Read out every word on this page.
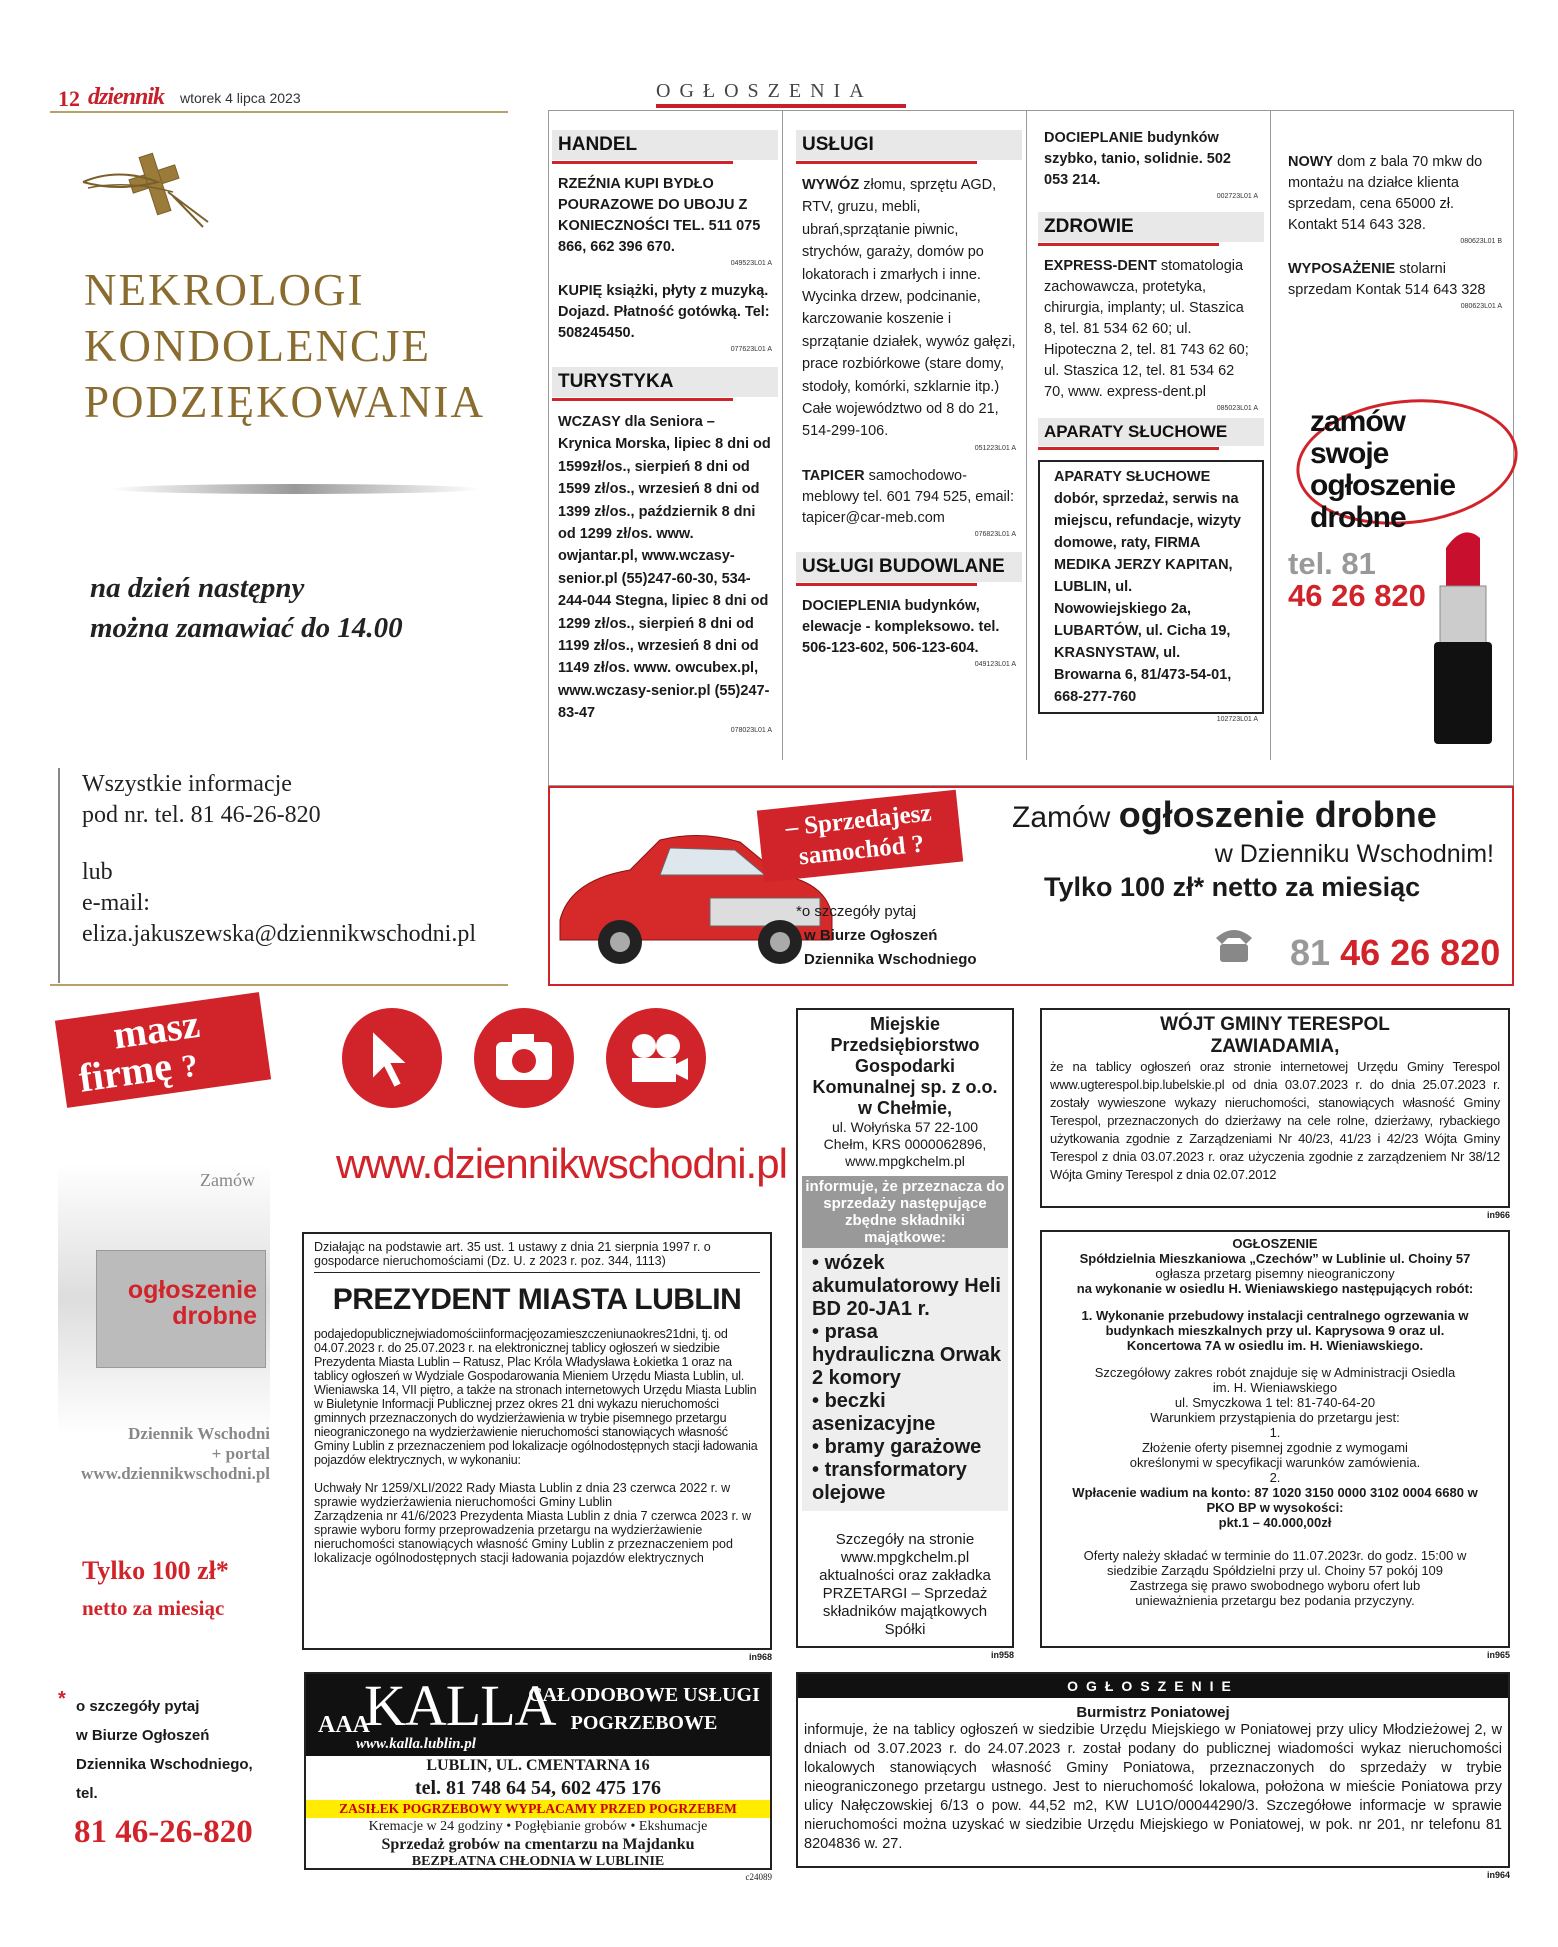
12 dziennik wtorek 4 lipca 2023	OGŁOSZENIA
NEKROLOGI
KONDOLENCJE
PODZIĘKOWANIA
na dzień następny
można zamawiać do 14.00
Wszystkie informacje
pod nr. tel. 81 46-26-820
lub
e-mail:
eliza.jakuszewska@dziennikwschodni.pl
HANDEL
RZEŹNIA KUPI BYDŁO POURAZOWE DO UBOJU Z KONIECZNOŚCI TEL. 511 075 866, 662 396 670.
049523L01 A
KUPIĘ książki, płyty z muzyką. Dojazd. Płatność gotówką. Tel: 508245450.
077623L01 A
TURYSTYKA
WCZASY dla Seniora – Krynica Morska, lipiec 8 dni od 1599zł/os., sierpień 8 dni od 1599 zł/os., wrzesień 8 dni od 1399 zł/os., październik 8 dni od 1299 zł/os. www. owjantar.pl, www.wczasy-senior.pl (55)247-60-30, 534-244-044 Stegna, lipiec 8 dni od 1299 zł/os., sierpień 8 dni od 1199 zł/os., wrzesień 8 dni od 1149 zł/os. www. owcubex.pl, www.wczasy-senior.pl (55)247-83-47
078023L01 A
USŁUGI
WYWÓZ złomu, sprzętu AGD, RTV, gruzu, mebli, ubrań,sprzątanie piwnic, strychów, garaży, domów po lokatorach i zmarłych i inne. Wycinka drzew, podcinanie, karczowanie koszenie i sprzątanie działek, wywóz gałęzi, prace rozbiórkowe (stare domy, stodoły, komórki, szklarnie itp.) Całe województwo od 8 do 21, 514-299-106.
051223L01 A
TAPICER samochodowo-meblowy tel. 601 794 525, email: tapicer@car-meb.com
076823L01 A
USŁUGI BUDOWLANE
DOCIEPLENIA budynków, elewacje - kompleksowo. tel. 506-123-602, 506-123-604.
049123L01 A
DOCIEPLANIE budynków szybko, tanio, solidnie. 502 053 214.
002723L01 A
ZDROWIE
EXPRESS-DENT stomatologia zachowawcza, protetyka, chirurgia, implanty; ul. Staszica 8, tel. 81 534 62 60; ul. Hipoteczna 2, tel. 81 743 62 60; ul. Staszica 12, tel. 81 534 62 70, www. express-dent.pl
085023L01 A
APARATY SŁUCHOWE
APARATY SŁUCHOWE dobór, sprzedaż, serwis na miejscu, refundacje, wizyty domowe, raty, FIRMA MEDIKA JERZY KAPITAN, LUBLIN, ul. Nowowiejskiego 2a, LUBARTÓW, ul. Cicha 19, KRASNYSTAW, ul. Browarna 6, 81/473-54-01, 668-277-760
102723L01 A
NOWY dom z bala 70 mkw do montażu na działce klienta sprzedam, cena 65000 zł. Kontakt 514 643 328.
080623L01 B
WYPOSAŻENIE stolarni sprzedam Kontak 514 643 328
080623L01 A
zamów swoje ogłoszenie drobne
tel. 81
46 26 820
– Sprzedajesz
samochód ?
*o szczegóły pytaj
w Biurze Ogłoszeń
Dziennika Wschodniego
Zamów ogłoszenie drobne
w Dzienniku Wschodnim!
Tylko 100 zł* netto za miesiąc
81 46 26 820
masz
firmę ?
Zamów
ogłoszenie
drobne
Dziennik Wschodni
+ portal
www.dziennikwschodni.pl
Tylko 100 zł*
netto za miesiąc
* o szczegóły pytaj
w Biurze Ogłoszeń
Dziennika Wschodniego,
tel.
81 46-26-820
www.dziennikwschodni.pl
Działając na podstawie art. 35 ust. 1 ustawy z dnia 21 sierpnia 1997 r. o gospodarce nieruchomościami (Dz. U. z 2023 r. poz. 344, 1113)
PREZYDENT MIASTA LUBLIN
podajedopublicznejwiadomościinformacjęozamieszczeniunaokres21dni, tj. od 04.07.2023 r. do 25.07.2023 r. na elektronicznej tablicy ogłoszeń w siedzibie Prezydenta Miasta Lublin – Ratusz, Plac Króla Władysława Łokietka 1 oraz na tablicy ogłoszeń w Wydziale Gospodarowania Mieniem Urzędu Miasta Lublin, ul. Wieniawska 14, VII piętro, a także na stronach internetowych Urzędu Miasta Lublin w Biuletynie Informacji Publicznej przez okres 21 dni wykazu nieruchomości gminnych przeznaczonych do wydzierżawienia w trybie pisemnego przetargu nieograniczonego na wydzierżawienie nieruchomości stanowiących własność Gminy Lublin z przeznaczeniem pod lokalizacje ogólnodostępnych stacji ładowania pojazdów elektrycznych, w wykonaniu:
Uchwały Nr 1259/XLI/2022 Rady Miasta Lublin z dnia 23 czerwca 2022 r. w sprawie wydzierżawienia nieruchomości Gminy Lublin
Zarządzenia nr 41/6/2023 Prezydenta Miasta Lublin z dnia 7 czerwca 2023 r. w sprawie wyboru formy przeprowadzenia przetargu na wydzierżawienie nieruchomości stanowiących własność Gminy Lublin z przeznaczeniem pod lokalizacje ogólnodostępnych stacji ładowania pojazdów elektrycznych
in968
Miejskie
Przedsiębiorstwo
Gospodarki
Komunalnej sp. z o.o.
w Chełmie,
ul. Wołyńska 57 22-100
Chełm, KRS 0000062896,
www.mpgkchelm.pl
informuje, że przeznacza do sprzedaży następujące zbędne składniki majątkowe:
• wózek akumulatorowy Heli BD 20-JA1 r.
• prasa hydrauliczna Orwak 2 komory
• beczki asenizacyjne
• bramy garażowe
• transformatory olejowe
Szczegóły na stronie www.mpgkchelm.pl aktualności oraz zakładka PRZETARGI – Sprzedaż składników majątkowych Spółki
in958
WÓJT GMINY TERESPOL
ZAWIADAMIA,
że na tablicy ogłoszeń oraz stronie internetowej Urzędu Gminy Terespol www.ugterespol.bip.lubelskie.pl od dnia 03.07.2023 r. do dnia 25.07.2023 r. zostały wywieszone wykazy nieruchomości, stanowiących własność Gminy Terespol, przeznaczonych do dzierżawy na cele rolne, dzierżawy, rybackiego użytkowania zgodnie z Zarządzeniami Nr 40/23, 41/23 i 42/23 Wójta Gminy Terespol z dnia 03.07.2023 r. oraz użyczenia zgodnie z zarządzeniem Nr 38/12 Wójta Gminy Terespol z dnia 02.07.2012
in966
OGŁOSZENIE
Spółdzielnia Mieszkaniowa „Czechów” w Lublinie ul. Choiny 57
ogłasza przetarg pisemny nieograniczony
na wykonanie w osiedlu H. Wieniawskiego następujących robót:
1. Wykonanie przebudowy instalacji centralnego ogrzewania w budynkach mieszkalnych przy ul. Kaprysowa 9 oraz ul. Koncertowa 7A w osiedlu im. H. Wieniawskiego.
Szczegółowy zakres robót znajduje się w Administracji Osiedla im. H. Wieniawskiego
ul. Smyczkowa 1 tel: 81-740-64-20
Warunkiem przystąpienia do przetargu jest:
1.
Złożenie oferty pisemnej zgodnie z wymogami określonymi w specyfikacji warunków zamówienia.
2.
Wpłacenie wadium na konto: 87 1020 3150 0000 3102 0004 6680 w PKO BP w wysokości:
pkt.1 – 40.000,00zł
Oferty należy składać w terminie do 11.07.2023r. do godz. 15:00 w siedzibie Zarządu Spółdzielni przy ul. Choiny 57 pokój 109
Zastrzega się prawo swobodnego wyboru ofert lub unieważnienia przetargu bez podania przyczyny.
in965
AAA
KALLA
www.kalla.lublin.pl
CAŁODOBOWE USŁUGI
POGRZEBOWE
LUBLIN, UL. CMENTARNA 16
tel. 81 748 64 54, 602 475 176
ZASIŁEK POGRZEBOWY WYPŁACAMY PRZED POGRZEBEM
Kremacje w 24 godziny • Pogłębianie grobów • Ekshumacje
Sprzedaż grobów na cmentarzu na Majdanku
BEZPŁATNA CHŁODNIA W LUBLINIE
c24089
OGŁOSZENIE
Burmistrz Poniatowej
informuje, że na tablicy ogłoszeń w siedzibie Urzędu Miejskiego w Poniatowej przy ulicy Młodzieżowej 2, w dniach od 3.07.2023 r. do 24.07.2023 r. został podany do publicznej wiadomości wykaz nieruchomości lokalowych stanowiących własność Gminy Poniatowa, przeznaczonych do sprzedaży w trybie nieograniczonego przetargu ustnego. Jest to nieruchomość lokalowa, położona w mieście Poniatowa przy ulicy Nałęczowskiej 6/13 o pow. 44,52 m2, KW LU1O/00044290/3. Szczegółowe informacje w sprawie nieruchomości można uzyskać w siedzibie Urzędu Miejskiego w Poniatowej, w pok. nr 201, nr telefonu 81 8204836 w. 27.
in964
